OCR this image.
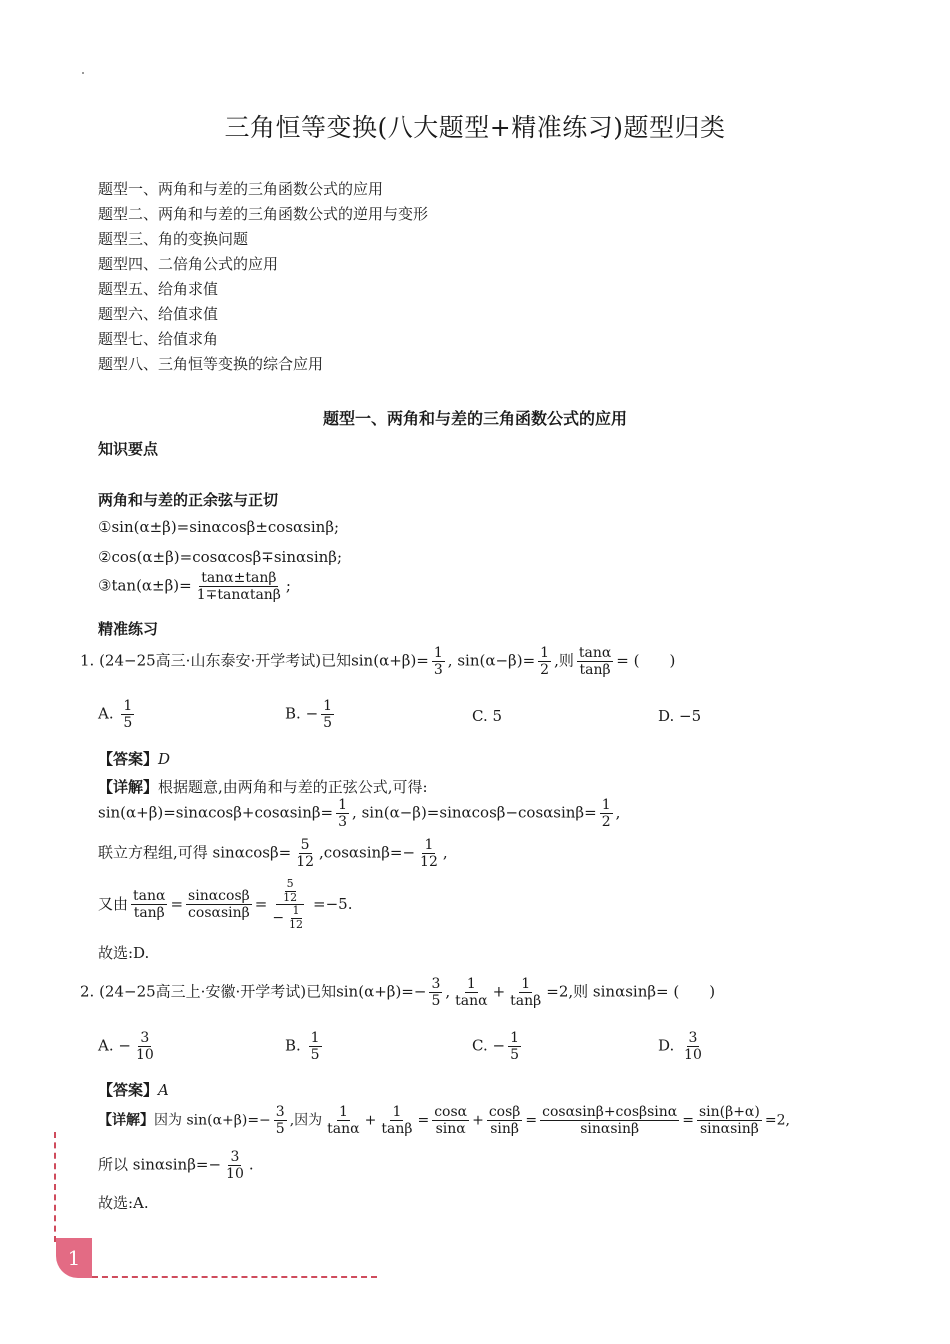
三角恒等变换(八大题型+精准练习)题型归类
题型一、两角和与差的三角函数公式的应用
题型二、两角和与差的三角函数公式的逆用与变形
题型三、角的变换问题
题型四、二倍角公式的应用
题型五、给角求值
题型六、给值求值
题型七、给值求角
题型八、三角恒等变换的综合应用
题型一、两角和与差的三角函数公式的应用
知识要点
两角和与差的正余弦与正切
①sin(α±β)=sinαcosβ±cosαsinβ;
②cos(α±β)=cosαcosβ∓sinαsinβ;
③tan(α±β)= $\frac{\tan\alpha\pm\tan\beta}{1\mp\tan\alpha\tan\beta}$ ;
精准练习
1. (24−25高三·山东泰安·开学考试)已知$\sin(\alpha+\beta)= \frac{1}{3}$ , $\sin(\alpha-\beta)= \frac{1}{2}$ ,则 $\frac{\tan\alpha}{\tan\beta}$ = (　　)
A. $\frac{1}{5}$	B. − $\frac{1}{5}$	C. 5	D. −5
【答案】D
【详解】根据题意,由两角和与差的正弦公式,可得:
$\sin(\alpha+\beta)=\sin\alpha\cos\beta+\cos\alpha\sin\beta= \frac{1}{3}$ , $\sin(\alpha-\beta)=\sin\alpha\cos\beta-\cos\alpha\sin\beta= \frac{1}{2}$ ,
联立方程组,可得 $\sin\alpha\cos\beta= \frac{5}{12} ,\cos\alpha\sin\beta=- \frac{1}{12}$ ,
又由 $\frac{\tan\alpha}{\tan\beta} = \frac{\sin\alpha\cos\beta}{\cos\alpha\sin\beta} = \frac{\frac{5}{12}}{- \frac{1}{12}} =-5$.
故选:D.
2. (24−25高三上·安徽·开学考试)已知$\sin(\alpha+\beta)=- \frac{3}{5}$ , $\frac{1}{\tan\alpha} + \frac{1}{\tan\beta} =2$,则 sinαsinβ= (　　)
A. − $\frac{3}{10}$	B. $\frac{1}{5}$	C. − $\frac{1}{5}$	D. $\frac{3}{10}$
【答案】A
【详解】因为 $\sin(\alpha+\beta)=- \frac{3}{5}$ ,因为 $\frac{1}{\tan\alpha} + \frac{1}{\tan\beta} = \frac{\cos\alpha}{\sin\alpha} + \frac{\cos\beta}{\sin\beta} = \frac{\cos\alpha\sin\beta+\cos\beta\sin\alpha}{\sin\alpha\sin\beta} = \frac{\sin(\beta+\alpha)}{\sin\alpha\sin\beta} =2$,
所以 $\sin\alpha\sin\beta=- \frac{3}{10}$ .
故选:A.
1
